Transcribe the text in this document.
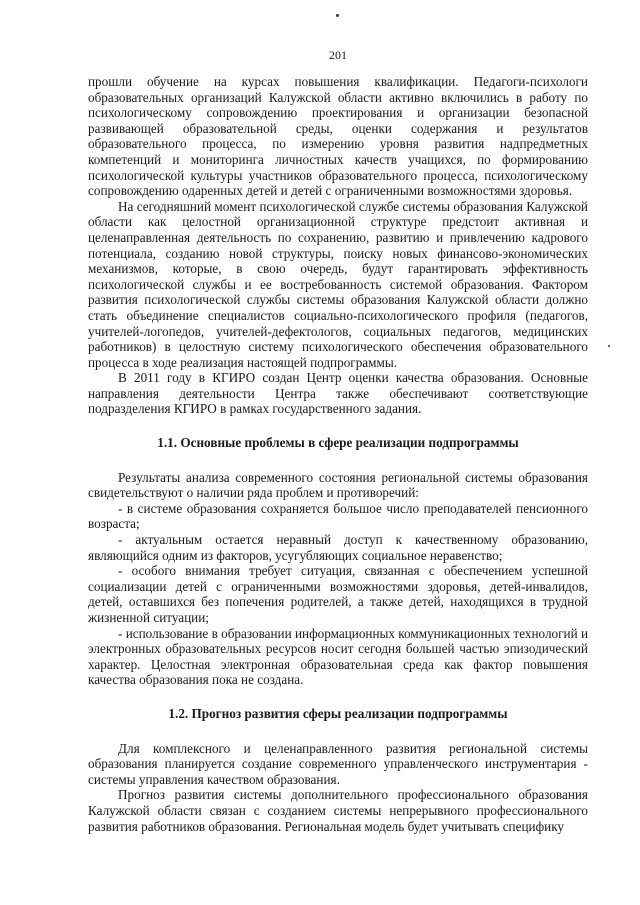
201

прошли обучение на курсах повышения квалификации. Педагоги-психологи образовательных организаций Калужской области активно включились в работу по психологическому сопровождению проектирования и организации безопасной развивающей образовательной среды, оценки содержания и результатов образовательного процесса, по измерению уровня развития надпредметных компетенций и мониторинга личностных качеств учащихся, по формированию психологической культуры участников образовательного процесса, психологическому сопровождению одаренных детей и детей с ограниченными возможностями здоровья.

На сегодняшний момент психологической службе системы образования Калужской области как целостной организационной структуре предстоит активная и целенаправленная деятельность по сохранению, развитию и привлечению кадрового потенциала, созданию новой структуры, поиску новых финансово-экономических механизмов, которые, в свою очередь, будут гарантировать эффективность психологической службы и ее востребованность системой образования. Фактором развития психологической службы системы образования Калужской области должно стать объединение специалистов социально-психологического профиля (педагогов, учителей-логопедов, учителей-дефектологов, социальных педагогов, медицинских работников) в целостную систему психологического обеспечения образовательного процесса в ходе реализация настоящей подпрограммы.

В 2011 году в КГИРО создан Центр оценки качества образования. Основные направления деятельности Центра также обеспечивают соответствующие подразделения КГИРО в рамках государственного задания.

1.1. Основные проблемы в сфере реализации подпрограммы

Результаты анализа современного состояния региональной системы образования свидетельствуют о наличии ряда проблем и противоречий:

- в системе образования сохраняется большое число преподавателей пенсионного возраста;

- актуальным остается неравный доступ к качественному образованию, являющийся одним из факторов, усугубляющих социальное неравенство;

- особого внимания требует ситуация, связанная с обеспечением успешной социализации детей с ограниченными возможностями здоровья, детей-инвалидов, детей, оставшихся без попечения родителей, а также детей, находящихся в трудной жизненной ситуации;

- использование в образовании информационных коммуникационных технологий и электронных образовательных ресурсов носит сегодня большей частью эпизодический характер. Целостная электронная образовательная среда как фактор повышения качества образования пока не создана.

1.2. Прогноз развития сферы реализации подпрограммы

Для комплексного и целенаправленного развития региональной системы образования планируется создание современного управленческого инструментария - системы управления качеством образования.

Прогноз развития системы дополнительного профессионального образования Калужской области связан с созданием системы непрерывного профессионального развития работников образования. Региональная модель будет учитывать специфику
